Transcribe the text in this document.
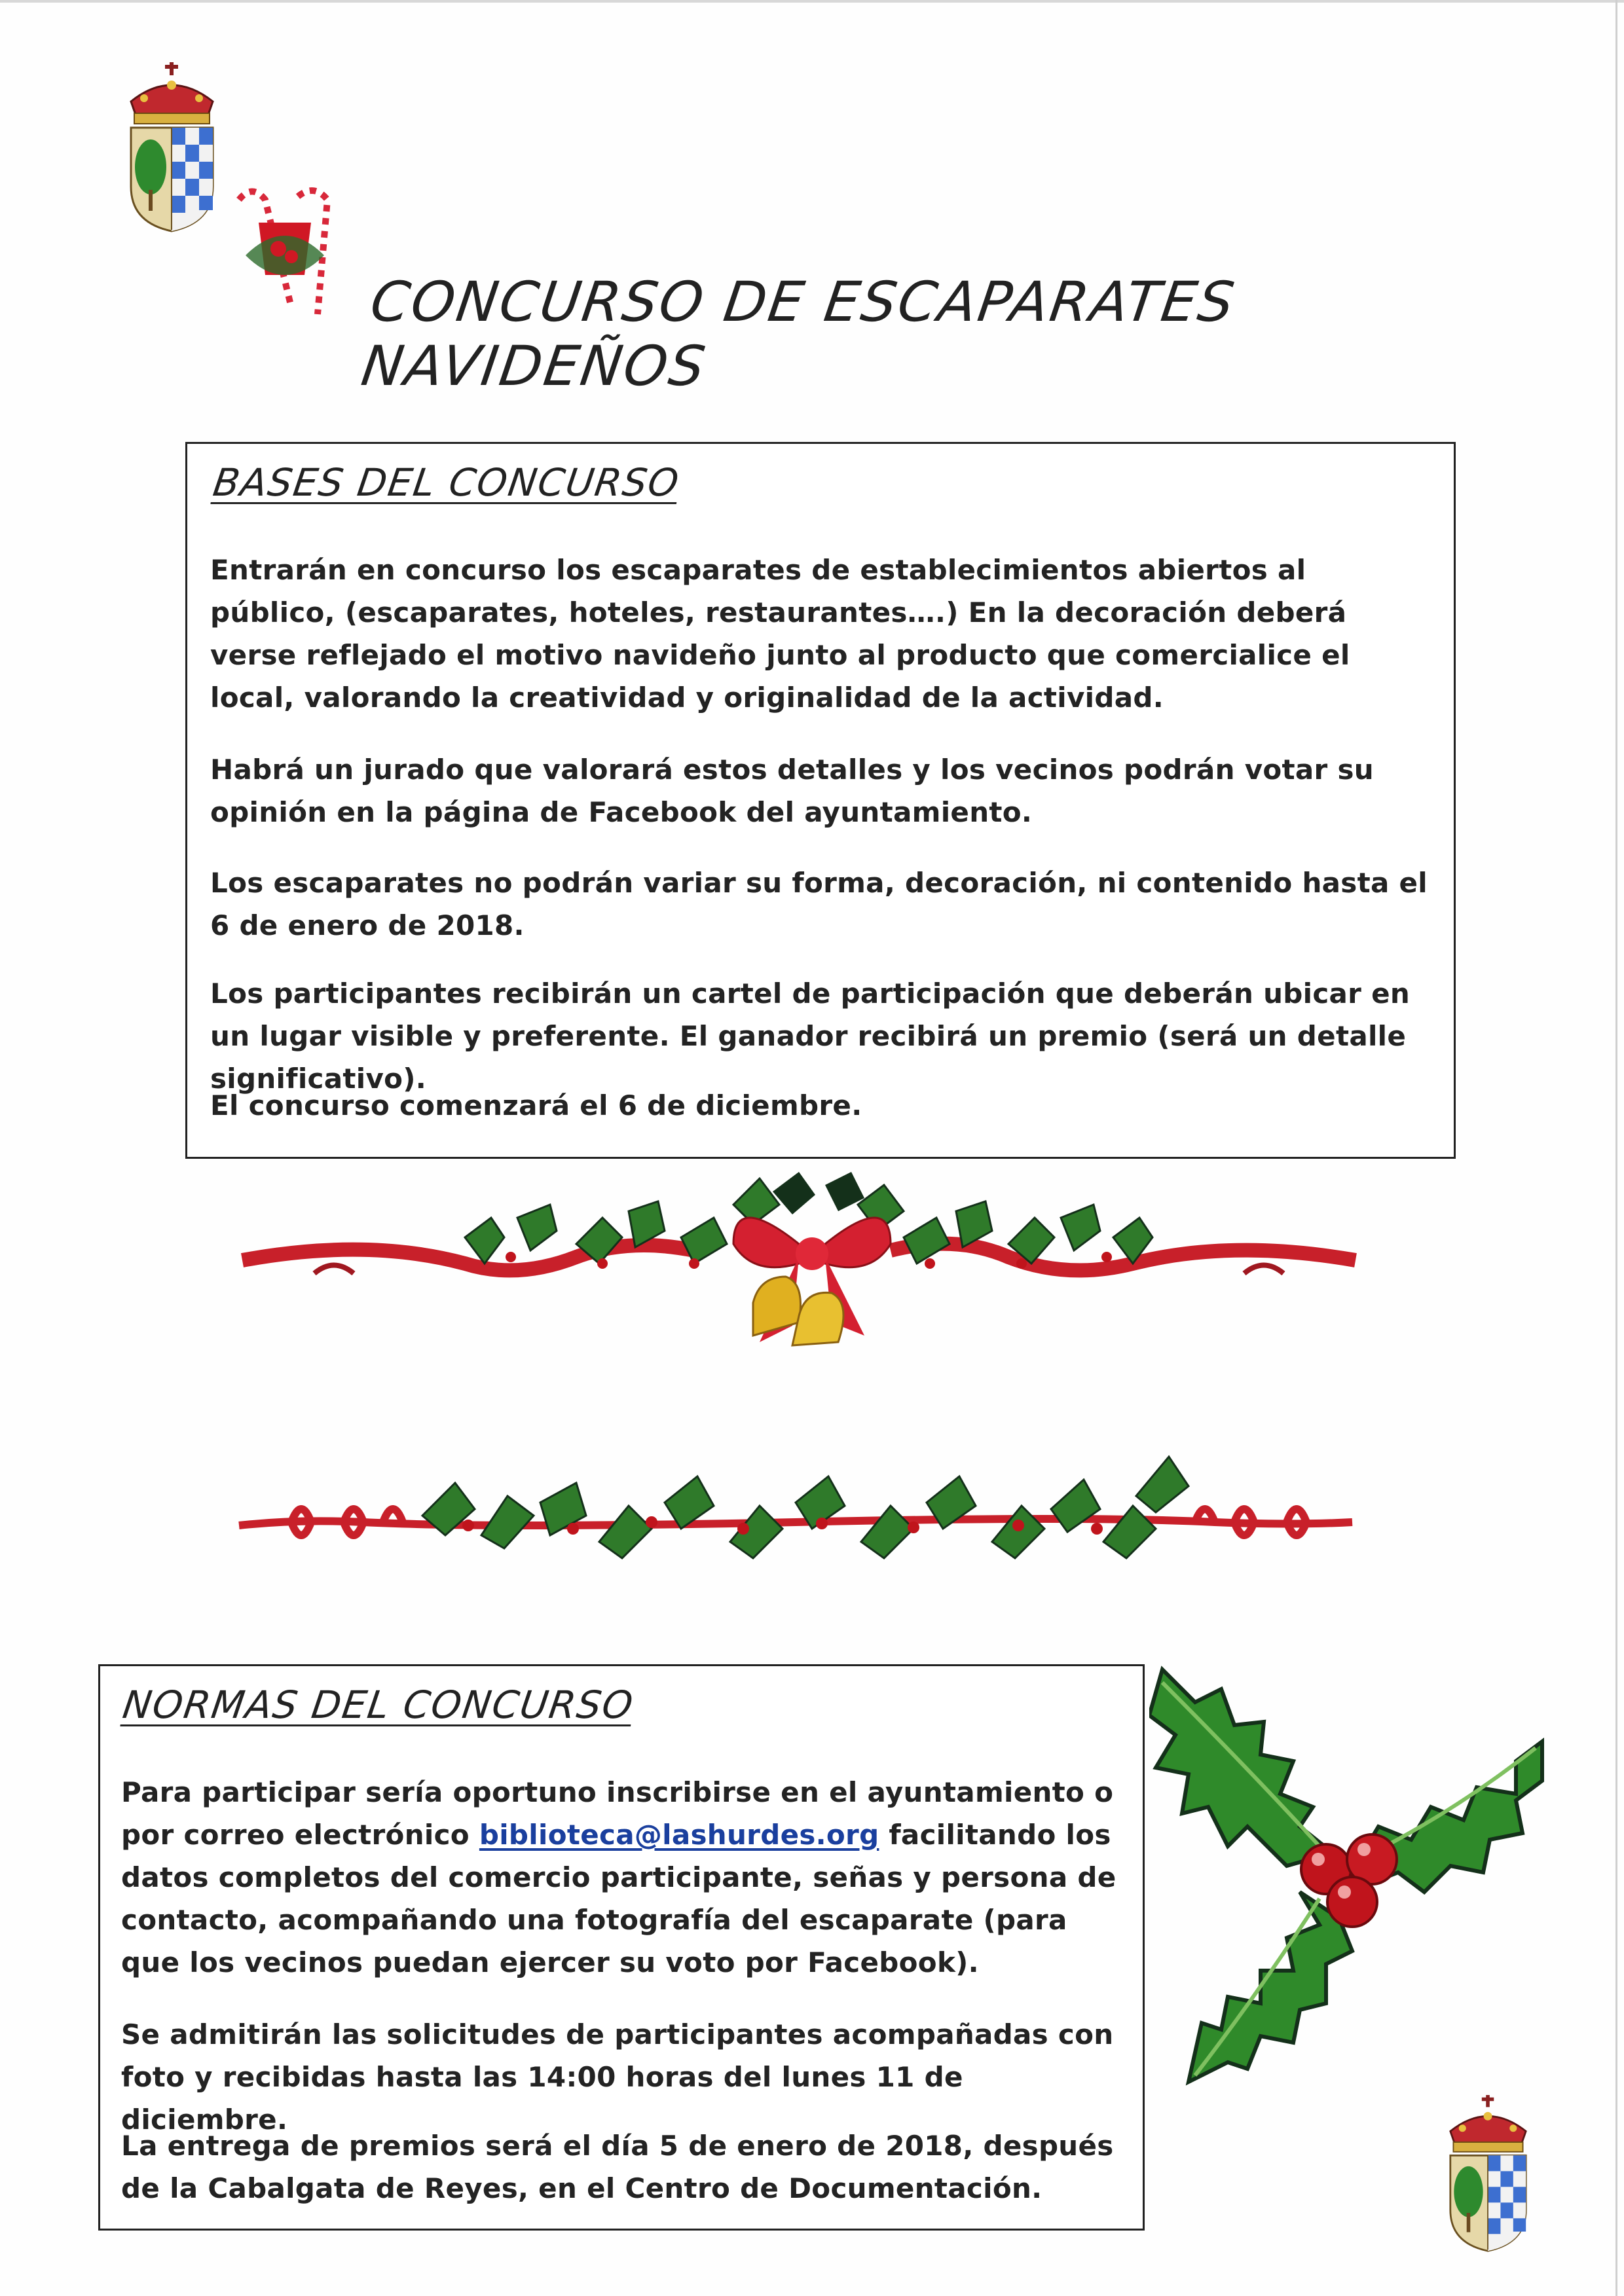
CONCURSO DE ESCAPARATES NAVIDEÑOS
BASES DEL CONCURSO
Entrarán en concurso los escaparates de establecimientos abiertos al público, (escaparates, hoteles, restaurantes….) En la decoración deberá verse reflejado el motivo navideño junto al producto que comercialice el local, valorando la creatividad y originalidad de la actividad.
Habrá un jurado que valorará estos detalles y los vecinos podrán votar su opinión en la página de Facebook del ayuntamiento.
Los escaparates no podrán variar su forma, decoración, ni contenido hasta el 6 de enero de 2018.
Los participantes recibirán un cartel de participación que deberán ubicar en un lugar visible y preferente. El ganador recibirá un premio (será un detalle significativo).
El concurso comenzará el 6 de diciembre.
NORMAS DEL CONCURSO
Para participar sería oportuno inscribirse en el ayuntamiento o por correo electrónico biblioteca@lashurdes.org facilitando los datos completos del comercio participante, señas y persona de contacto, acompañando una fotografía del escaparate (para que los vecinos puedan ejercer su voto por Facebook).
Se admitirán las solicitudes de participantes acompañadas con foto y recibidas hasta las 14:00 horas del lunes 11 de diciembre.
La entrega de premios será el día 5 de enero de 2018, después de la Cabalgata de Reyes, en el Centro de Documentación.
